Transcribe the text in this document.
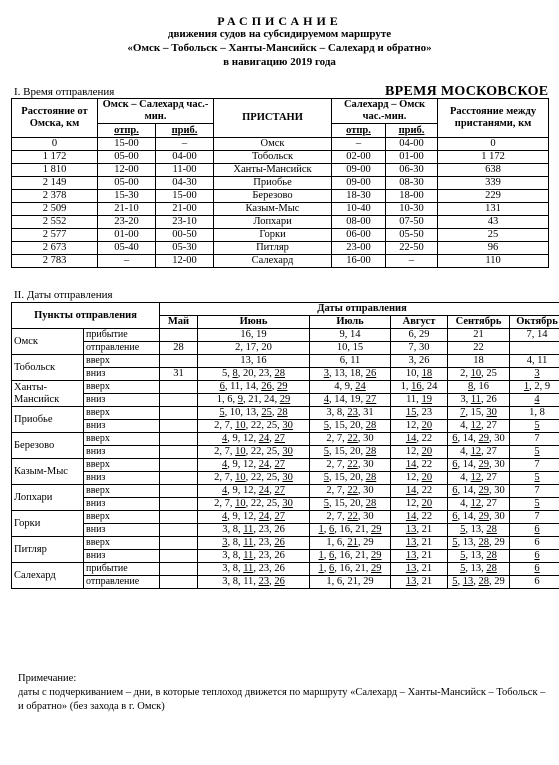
РАСПИСАНИЕ
движения судов на субсидируемом маршруте
«Омск – Тобольск – Ханты-Мансийск – Салехард и обратно»
в навигацию 2019 года
I. Время отправления	ВРЕМЯ МОСКОВСКОЕ
Расстояние от Омска, км	Омск – Салехард час.-мин.		ПРИСТАНИ	Салехард – Омск час.-мин.		Расстояние между пристанями, км
	отпр.	приб.		отпр.	приб.	
0	15-00	–	Омск	–	04-00	0
1 172	05-00	04-00	Тобольск	02-00	01-00	1 172
1 810	12-00	11-00	Ханты-Мансийск	09-00	06-30	638
2 149	05-00	04-30	Приобье	09-00	08-30	339
2 378	15-30	15-00	Березово	18-30	18-00	229
2 509	21-10	21-00	Казым-Мыс	10-40	10-30	131
2 552	23-20	23-10	Лопхари	08-00	07-50	43
2 577	01-00	00-50	Горки	06-00	05-50	25
2 673	05-40	05-30	Питляр	23-00	22-50	96
2 783	–	12-00	Салехард	16-00	–	110
II. Даты отправления
Пункты отправления		Даты отправления					
		Май	Июнь	Июль	Август	Сентябрь	Октябрь
Омск	прибытие		16, 19	9, 14	6, 29	21	7, 14
	отправление	28	2, 17, 20	10, 15	7, 30	22	
Тобольск	вверх		13, 16	6, 11	3, 26	18	4, 11
	вниз	31	5, 8, 20, 23, 28	3, 13, 18, 26	10, 18	2, 10, 25	3

Ханты-
Мансийск	вверх		6, 11, 14, 26, 29	4, 9, 24	1, 16, 24	8, 16	1, 2, 9
	вниз		1, 6, 9, 21, 24, 29	4, 14, 19, 27	11, 19	3, 11, 26	4
Приобье	вверх		5, 10, 13, 25, 28	3, 8, 23, 31	15, 23	7, 15, 30	1, 8
	вниз		2, 7, 10, 22, 25, 30	5, 15, 20, 28	12, 20	4, 12, 27	5
Березово	вверх		4, 9, 12, 24, 27	2, 7, 22, 30	14, 22	6, 14, 29, 30	7
	вниз		2, 7, 10, 22, 25, 30	5, 15, 20, 28	12, 20	4, 12, 27	5
Казым-Мыс	вверх		4, 9, 12, 24, 27	2, 7, 22, 30	14, 22	6, 14, 29, 30	7
	вниз		2, 7, 10, 22, 25, 30	5, 15, 20, 28	12, 20	4, 12, 27	5
Лопхари	вверх		4, 9, 12, 24, 27	2, 7, 22, 30	14, 22	6, 14, 29, 30	7
	вниз		2, 7, 10, 22, 25, 30	5, 15, 20, 28	12, 20	4, 12, 27	5
Горки	вверх		4, 9, 12, 24, 27	2, 7, 22, 30	14, 22	6, 14, 29, 30	7
	вниз		3, 8, 11, 23, 26	1, 6, 16, 21, 29	13, 21	5, 13, 28	6
Питляр	вверх		3, 8, 11, 23, 26	1, 6, 21, 29	13, 21	5, 13, 28, 29	6
	вниз		3, 8, 11, 23, 26	1, 6, 16, 21, 29	13, 21	5, 13, 28	6
Салехард	прибытие		3, 8, 11, 23, 26	1, 6, 16, 21, 29	13, 21	5, 13, 28	6
	отправление		3, 8, 11, 23, 26	1, 6, 21, 29	13, 21	5, 13, 28, 29	6
Примечание:
даты с подчеркиванием – дни, в которые теплоход движется по маршруту «Салехард – Ханты-Мансийск – Тобольск – и обратно» (без захода в г. Омск)
